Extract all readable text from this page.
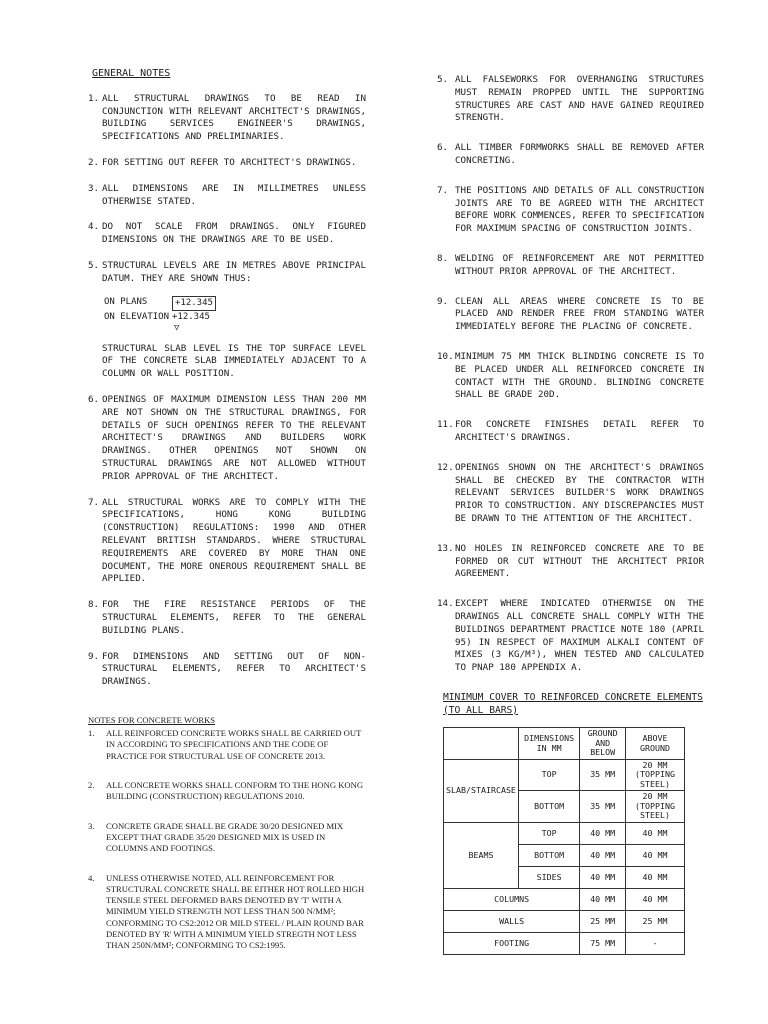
GENERAL NOTES
1. ALL STRUCTURAL DRAWINGS TO BE READ IN CONJUNCTION WITH RELEVANT ARCHITECT'S DRAWINGS, BUILDING SERVICES ENGINEER'S DRAWINGS, SPECIFICATIONS AND PRELIMINARIES.
2. FOR SETTING OUT REFER TO ARCHITECT'S DRAWINGS.
3. ALL DIMENSIONS ARE IN MILLIMETRES UNLESS OTHERWISE STATED.
4. DO NOT SCALE FROM DRAWINGS. ONLY FIGURED DIMENSIONS ON THE DRAWINGS ARE TO BE USED.
5. STRUCTURAL LEVELS ARE IN METRES ABOVE PRINCIPAL DATUM. THEY ARE SHOWN THUS:
ON PLANS	+12.345
ON ELEVATION +12.345
▽
STRUCTURAL SLAB LEVEL IS THE TOP SURFACE LEVEL OF THE CONCRETE SLAB IMMEDIATELY ADJACENT TO A COLUMN OR WALL POSITION.
6. OPENINGS OF MAXIMUM DIMENSION LESS THAN 200 MM ARE NOT SHOWN ON THE STRUCTURAL DRAWINGS, FOR DETAILS OF SUCH OPENINGS REFER TO THE RELEVANT ARCHITECT'S DRAWINGS AND BUILDERS WORK DRAWINGS. OTHER OPENINGS NOT SHOWN ON STRUCTURAL DRAWINGS ARE NOT ALLOWED WITHOUT PRIOR APPROVAL OF THE ARCHITECT.
7. ALL STRUCTURAL WORKS ARE TO COMPLY WITH THE SPECIFICATIONS, HONG KONG BUILDING (CONSTRUCTION) REGULATIONS: 1990 AND OTHER RELEVANT BRITISH STANDARDS. WHERE STRUCTURAL REQUIREMENTS ARE COVERED BY MORE THAN ONE DOCUMENT, THE MORE ONEROUS REQUIREMENT SHALL BE APPLIED.
8. FOR THE FIRE RESISTANCE PERIODS OF THE STRUCTURAL ELEMENTS, REFER TO THE GENERAL BUILDING PLANS.
9. FOR DIMENSIONS AND SETTING OUT OF NON-STRUCTURAL ELEMENTS, REFER TO ARCHITECT'S DRAWINGS.
NOTES FOR CONCRETE WORKS
1.	ALL REINFORCED CONCRETE WORKS SHALL BE CARRIED OUT IN ACCORDING TO SPECIFICATIONS AND THE CODE OF PRACTICE FOR STRUCTURAL USE OF CONCRETE 2013.
2.	ALL CONCRETE WORKS SHALL CONFORM TO THE HONG KONG BUILDING (CONSTRUCTION) REGULATIONS 2010.
3.	CONCRETE GRADE SHALL BE GRADE 30/20 DESIGNED MIX EXCEPT THAT GRADE 35/20 DESIGNED MIX IS USED IN COLUMNS AND FOOTINGS.
4.	UNLESS OTHERWISE NOTED, ALL REINFORCEMENT FOR STRUCTURAL CONCRETE SHALL BE EITHER HOT ROLLED HIGH TENSILE STEEL DEFORMED BARS DENOTED BY 'T' WITH A MINIMUM YIELD STRENGTH NOT LESS THAN 500 N/MM²; CONFORMING TO CS2:2012 OR MILD STEEL / PLAIN ROUND BAR DENOTED BY 'R' WITH A MINIMUM YIELD STREGTH NOT LESS THAN 250N/MM²; CONFORMING TO CS2:1995.
5. ALL FALSEWORKS FOR OVERHANGING STRUCTURES MUST REMAIN PROPPED UNTIL THE SUPPORTING STRUCTURES ARE CAST AND HAVE GAINED REQUIRED STRENGTH.
6. ALL TIMBER FORMWORKS SHALL BE REMOVED AFTER CONCRETING.
7. THE POSITIONS AND DETAILS OF ALL CONSTRUCTION JOINTS ARE TO BE AGREED WITH THE ARCHITECT BEFORE WORK COMMENCES, REFER TO SPECIFICATION FOR MAXIMUM SPACING OF CONSTRUCTION JOINTS.
8. WELDING OF REINFORCEMENT ARE NOT PERMITTED WITHOUT PRIOR APPROVAL OF THE ARCHITECT.
9. CLEAN ALL AREAS WHERE CONCRETE IS TO BE PLACED AND RENDER FREE FROM STANDING WATER IMMEDIATELY BEFORE THE PLACING OF CONCRETE.
10. MINIMUM 75 MM THICK BLINDING CONCRETE IS TO BE PLACED UNDER ALL REINFORCED CONCRETE IN CONTACT WITH THE GROUND. BLINDING CONCRETE SHALL BE GRADE 20D.
11. FOR CONCRETE FINISHES DETAIL REFER TO ARCHITECT'S DRAWINGS.
12. OPENINGS SHOWN ON THE ARCHITECT'S DRAWINGS SHALL BE CHECKED BY THE CONTRACTOR WITH RELEVANT SERVICES BUILDER'S WORK DRAWINGS PRIOR TO CONSTRUCTION. ANY DISCREPANCIES MUST BE DRAWN TO THE ATTENTION OF THE ARCHITECT.
13. NO HOLES IN REINFORCED CONCRETE ARE TO BE FORMED OR CUT WITHOUT THE ARCHITECT PRIOR AGREEMENT.
14. EXCEPT WHERE INDICATED OTHERWISE ON THE DRAWINGS ALL CONCRETE SHALL COMPLY WITH THE BUILDINGS DEPARTMENT PRACTICE NOTE 180 (APRIL 95) IN RESPECT OF MAXIMUM ALKALI CONTENT OF MIXES (3 KG/M³), WHEN TESTED AND CALCULATED TO PNAP 180 APPENDIX A.
MINIMUM COVER TO REINFORCED CONCRETE ELEMENTS (TO ALL BARS)
	DIMENSIONS IN MM	GROUND AND BELOW	ABOVE GROUND
SLAB/STAIRCASE	TOP	35 MM	20 MM (TOPPING STEEL)
	BOTTOM	35 MM	20 MM (TOPPING STEEL)
BEAMS	TOP	40 MM	40 MM
	BOTTOM	40 MM	40 MM
	SIDES	40 MM	40 MM
COLUMNS		40 MM	40 MM
WALLS		25 MM	25 MM
FOOTING		75 MM	-
